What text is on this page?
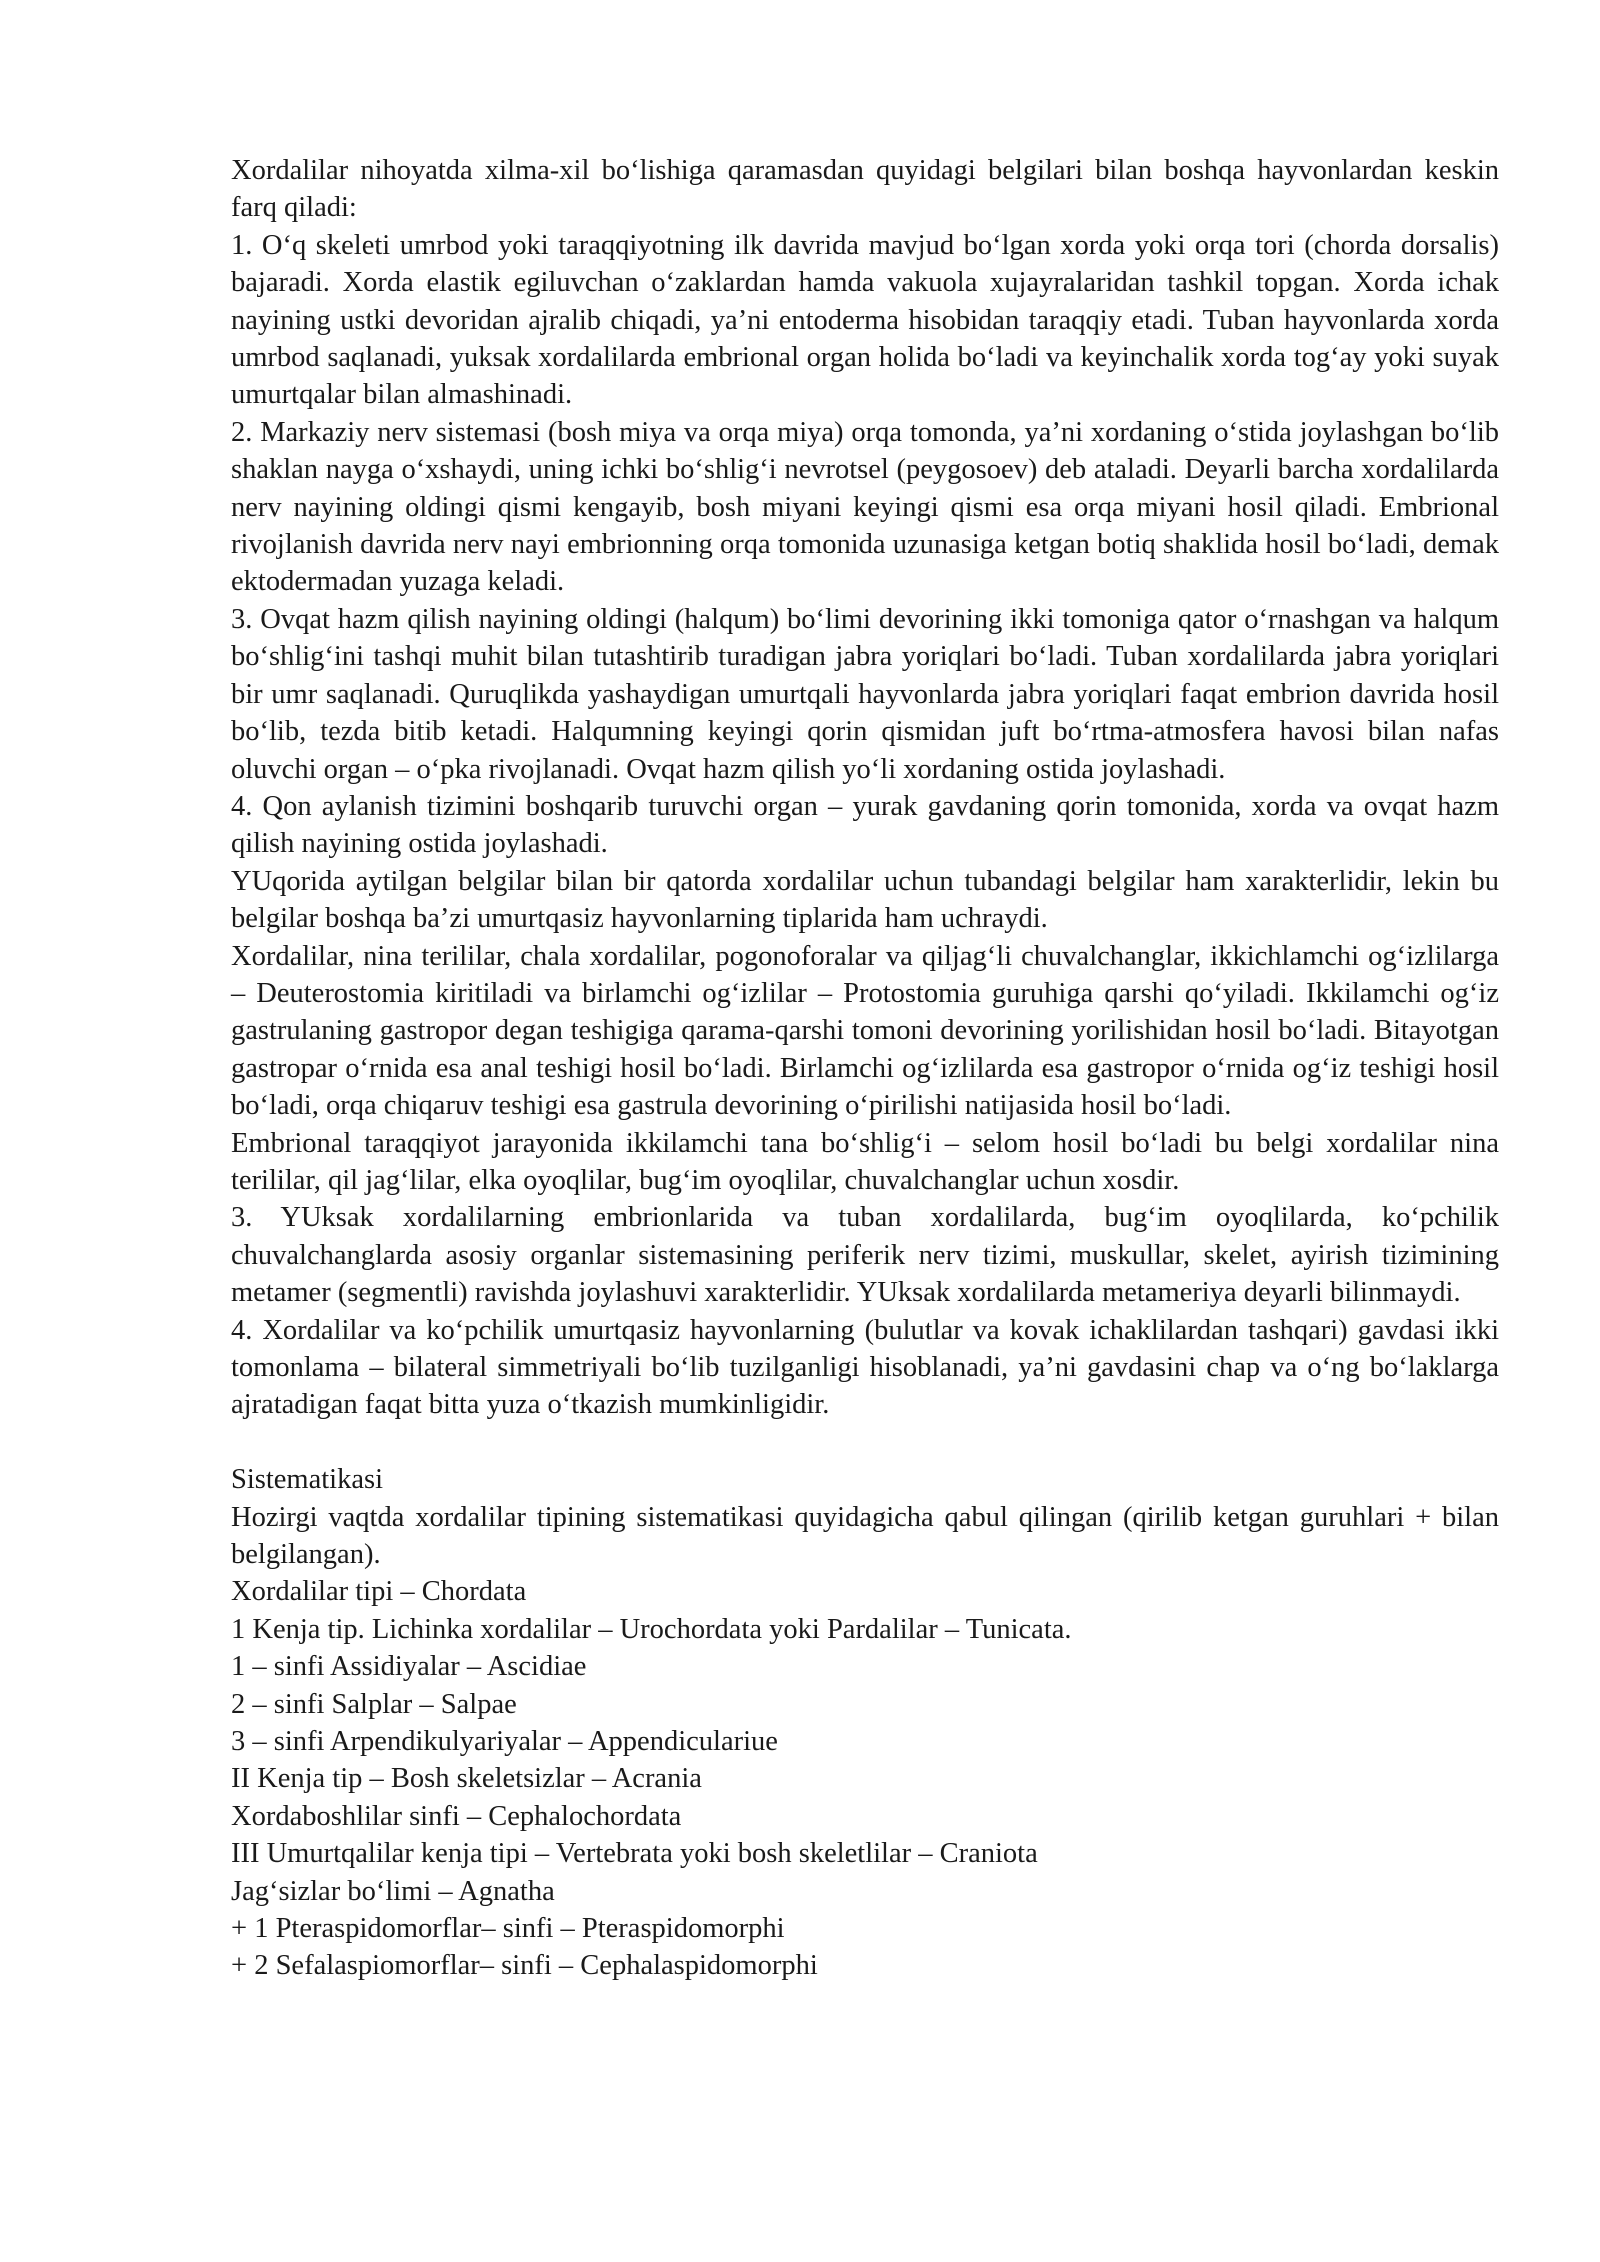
Xordalilar nihoyatda xilma-xil bo‘lishiga qaramasdan quyidagi belgilari bilan boshqa hayvonlardan keskin farq qiladi:

1. O‘q skeleti umrbod yoki taraqqiyotning ilk davrida mavjud bo‘lgan xorda yoki orqa tori (chorda dorsalis) bajaradi. Xorda elastik egiluvchan o‘zaklardan hamda vakuola xujayralaridan tashkil topgan. Xorda ichak nayining ustki devoridan ajralib chiqadi, ya’ni entoderma hisobidan taraqqiy etadi. Tuban hayvonlarda xorda umrbod saqlanadi, yuksak xordalilarda embrional organ holida bo‘ladi va keyinchalik xorda tog‘ay yoki suyak umurtqalar bilan almashinadi.

2. Markaziy nerv sistemasi (bosh miya va orqa miya) orqa tomonda, ya’ni xordaning o‘stida joylashgan bo‘lib shaklan nayga o‘xshaydi, uning ichki bo‘shlig‘i nevrotsel (peygosoev) deb ataladi. Deyarli barcha xordalilarda nerv nayining oldingi qismi kengayib, bosh miyani keyingi qismi esa orqa miyani hosil qiladi. Embrional rivojlanish davrida nerv nayi embrionning orqa tomonida uzunasiga ketgan botiq shaklida hosil bo‘ladi, demak ektodermadan yuzaga keladi.

3. Ovqat hazm qilish nayining oldingi (halqum) bo‘limi devorining ikki tomoniga qator o‘rnashgan va halqum bo‘shlig‘ini tashqi muhit bilan tutashtirib turadigan jabra yoriqlari bo‘ladi. Tuban xordalilarda jabra yoriqlari bir umr saqlanadi. Quruqlikda yashaydigan umurtqali hayvonlarda jabra yoriqlari faqat embrion davrida hosil bo‘lib, tezda bitib ketadi. Halqumning keyingi qorin qismidan juft bo‘rtma-atmosfera havosi bilan nafas oluvchi organ – o‘pka rivojlanadi. Ovqat hazm qilish yo‘li xordaning ostida joylashadi.

4. Qon aylanish tizimini boshqarib turuvchi organ – yurak gavdaning qorin tomonida, xorda va ovqat hazm qilish nayining ostida joylashadi.

YUqorida aytilgan belgilar bilan bir qatorda xordalilar uchun tubandagi belgilar ham xarakterlidir, lekin bu belgilar boshqa ba’zi umurtqasiz hayvonlarning tiplarida ham uchraydi.

Xordalilar, nina terililar, chala xordalilar, pogonoforalar va qiljag‘li chuvalchanglar, ikkichlamchi og‘izlilarga – Deuterostomia kiritiladi va birlamchi og‘izlilar – Protostomia guruhiga qarshi qo‘yiladi. Ikkilamchi og‘iz gastrulaning gastropor degan teshigiga qarama-qarshi tomoni devorining yorilishidan hosil bo‘ladi. Bitayotgan gastropar o‘rnida esa anal teshigi hosil bo‘ladi. Birlamchi og‘izlilarda esa gastropor o‘rnida og‘iz teshigi hosil bo‘ladi, orqa chiqaruv teshigi esa gastrula devorining o‘pirilishi natijasida hosil bo‘ladi.

Embrional taraqqiyot jarayonida ikkilamchi tana bo‘shlig‘i – selom hosil bo‘ladi bu belgi xordalilar nina terililar, qil jag‘lilar, elka oyoqlilar, bug‘im oyoqlilar, chuvalchanglar uchun xosdir.

3. YUksak xordalilarning embrionlarida va tuban xordalilarda, bug‘im oyoqlilarda, ko‘pchilik chuvalchanglarda asosiy organlar sistemasining periferik nerv tizimi, muskullar, skelet, ayirish tizimining metamer (segmentli) ravishda joylashuvi xarakterlidir. YUksak xordalilarda metameriya deyarli bilinmaydi.

4. Xordalilar va ko‘pchilik umurtqasiz hayvonlarning (bulutlar va kovak ichaklilardan tashqari) gavdasi ikki tomonlama – bilateral simmetriyali bo‘lib tuzilganligi hisoblanadi, ya’ni gavdasini chap va o‘ng bo‘laklarga ajratadigan faqat bitta yuza o‘tkazish mumkinligidir.

Sistematikasi

Hozirgi vaqtda xordalilar tipining sistematikasi quyidagicha qabul qilingan (qirilib ketgan guruhlari + bilan belgilangan).

Xordalilar tipi – Chordata

1 Kenja tip. Lichinka xordalilar – Urochordata yoki Pardalilar – Tunicata.

1 – sinfi Assidiyalar – Ascidiae

2 – sinfi Salplar – Salpae

3 – sinfi Arpendikulyariyalar – Appendiculariue

II Kenja tip – Bosh skeletsizlar – Acrania

Xordaboshlilar sinfi – Cephalochordata

III Umurtqalilar kenja tipi – Vertebrata yoki bosh skeletlilar – Craniota

Jag‘sizlar bo‘limi – Agnatha

+ 1 Pteraspidomorflar– sinfi – Pteraspidomorphi

+ 2 Sefalaspiomorflar– sinfi – Cephalaspidomorphi
